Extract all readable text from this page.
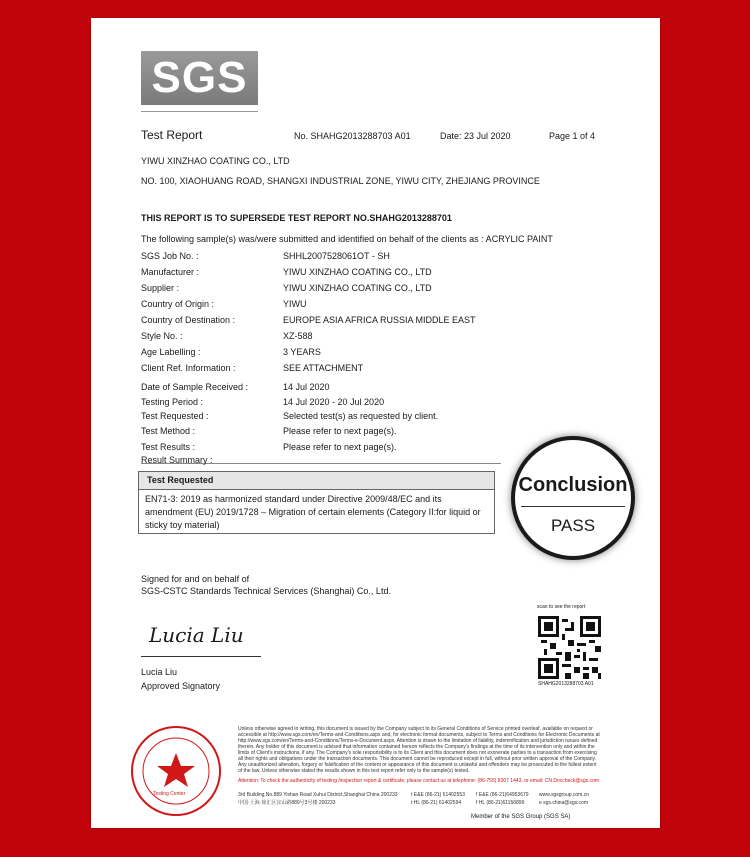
SGS
Test Report	No. SHAHG2013288703 A01	Date: 23 Jul 2020	Page 1 of 4
YIWU XINZHAO COATING CO., LTD
NO. 100, XIAOHUANG ROAD, SHANGXI INDUSTRIAL ZONE, YIWU CITY, ZHEJIANG PROVINCE
THIS REPORT IS TO SUPERSEDE TEST REPORT NO.SHAHG2013288701
The following sample(s) was/were submitted and identified on behalf of the clients as : ACRYLIC PAINT
SGS Job No. :	SHHL2007528061OT - SH
Manufacturer :	YIWU XINZHAO COATING CO., LTD
Supplier :	YIWU XINZHAO COATING CO., LTD
Country of Origin :	YIWU
Country of Destination :	EUROPE ASIA AFRICA RUSSIA MIDDLE EAST
Style No. :	XZ-588
Age Labelling :	3 YEARS
Client Ref. Information :	SEE ATTACHMENT
Date of Sample Received :	14 Jul 2020
Testing Period :	14 Jul 2020 - 20 Jul 2020
Test Requested :	Selected test(s) as requested by client.
Test Method :	Please refer to next page(s).
Test Results :	Please refer to next page(s).
Result Summary :
Test Requested
EN71-3: 2019 as harmonized standard under Directive 2009/48/EC and its amendment (EU) 2019/1728 – Migration of certain elements (Category II:for liquid or sticky toy material)
Conclusion
PASS
Signed for and on behalf of
SGS-CSTC Standards Technical Services (Shanghai) Co., Ltd.
Lucia Liu
Lucia Liu
Approved Signatory
scan to see the report
SHAHG2013288703 A01
Testing Center
Unless otherwise agreed in writing, this document is issued by the Company subject to its General Conditions of Service printed overleaf, available on request or accessible at http://www.sgs.com/en/Terms-and-Conditions.aspx and, for electronic format documents, subject to Terms and Conditions for Electronic Documents at http://www.sgs.com/en/Terms-and-Conditions/Terms-e-Document.aspx. Attention is drawn to the limitation of liability, indemnification and jurisdiction issues defined therein. Any holder of this document is advised that information contained hereon reflects the Company's findings at the time of its intervention only and within the limits of Client's instructions, if any. The Company's sole responsibility is to its Client and this document does not exonerate parties to a transaction from exercising all their rights and obligations under the transaction documents. This document cannot be reproduced except in full, without prior written approval of the Company. Any unauthorized alteration, forgery or falsification of the content or appearance of this document is unlawful and offenders may be prosecuted to the fullest extent of the law. Unless otherwise stated the results shown in this test report refer only to the sample(s) tested.
Attention: To check the authenticity of testing /inspection report & certificate, please contact us at telephone: (86-755) 8307 1443, or email: CN.Doccheck@sgs.com
3rd Building,No.889 Yishan Road Xuhui District,Shanghai China 200233
中国·上海·徐汇区宜山路889号3号楼 200233
t E&E (86-21) 61402553
t HL (86-21) 61402594
f E&E (86-21)64953679
f HL (86-21)61156899
www.sgsgroup.com.cn
e sgs.china@sgs.com
Member of the SGS Group (SGS SA)
